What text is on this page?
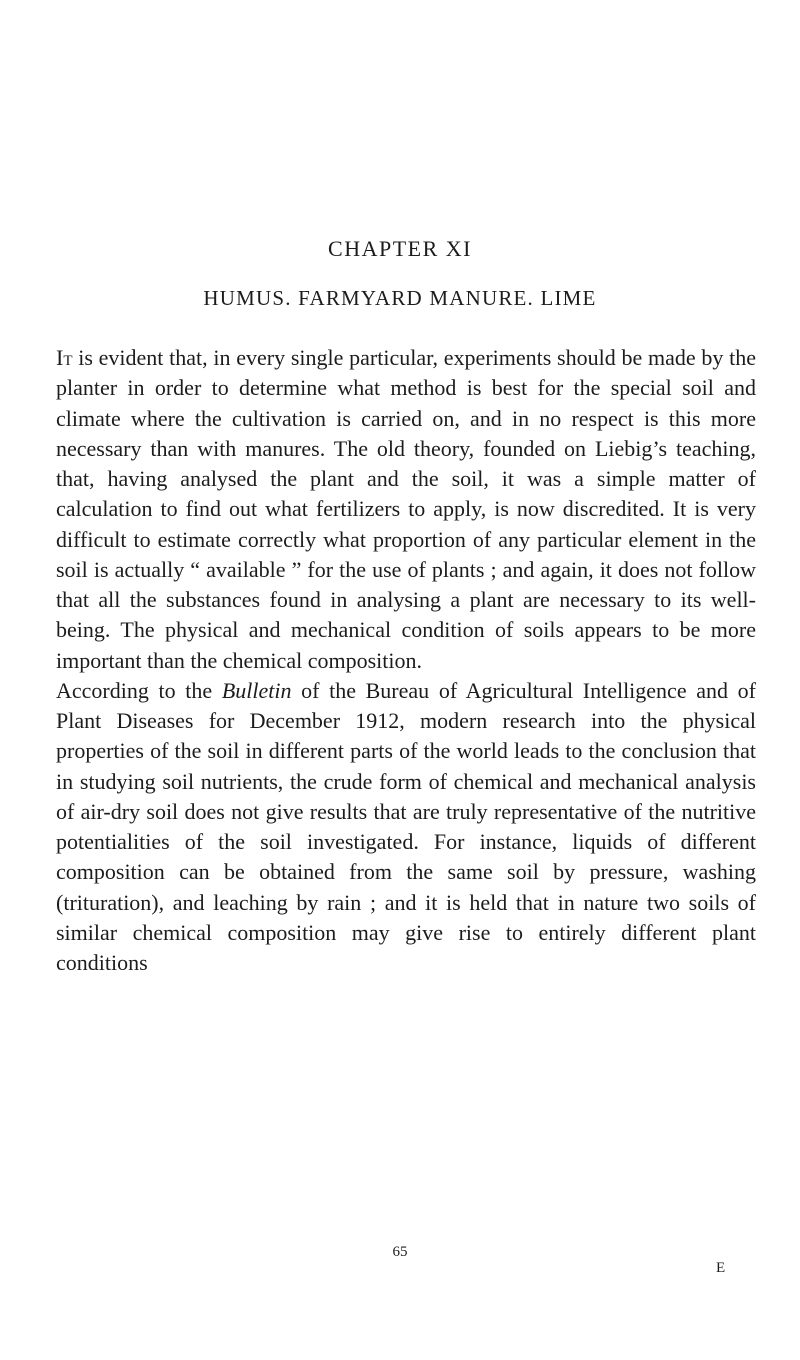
CHAPTER XI
HUMUS. FARMYARD MANURE. LIME

It is evident that, in every single particular, experiments should be made by the planter in order to determine what method is best for the special soil and climate where the cultivation is carried on, and in no respect is this more necessary than with manures. The old theory, founded on Liebig’s teaching, that, having analysed the plant and the soil, it was a simple matter of calculation to find out what fertilizers to apply, is now discredited. It is very difficult to estimate correctly what proportion of any particular element in the soil is actually “ available ” for the use of plants ; and again, it does not follow that all the substances found in analysing a plant are necessary to its well-being. The physical and mechanical condition of soils appears to be more important than the chemical composition.

According to the Bulletin of the Bureau of Agricultural Intelligence and of Plant Diseases for December 1912, modern research into the physical properties of the soil in different parts of the world leads to the conclusion that in studying soil nutrients, the crude form of chemical and mechanical analysis of air-dry soil does not give results that are truly representative of the nutritive potentialities of the soil investigated. For instance, liquids of different composition can be obtained from the same soil by pressure, washing (trituration), and leaching by rain ; and it is held that in nature two soils of similar chemical composition may give rise to entirely different plant conditions

65
E
